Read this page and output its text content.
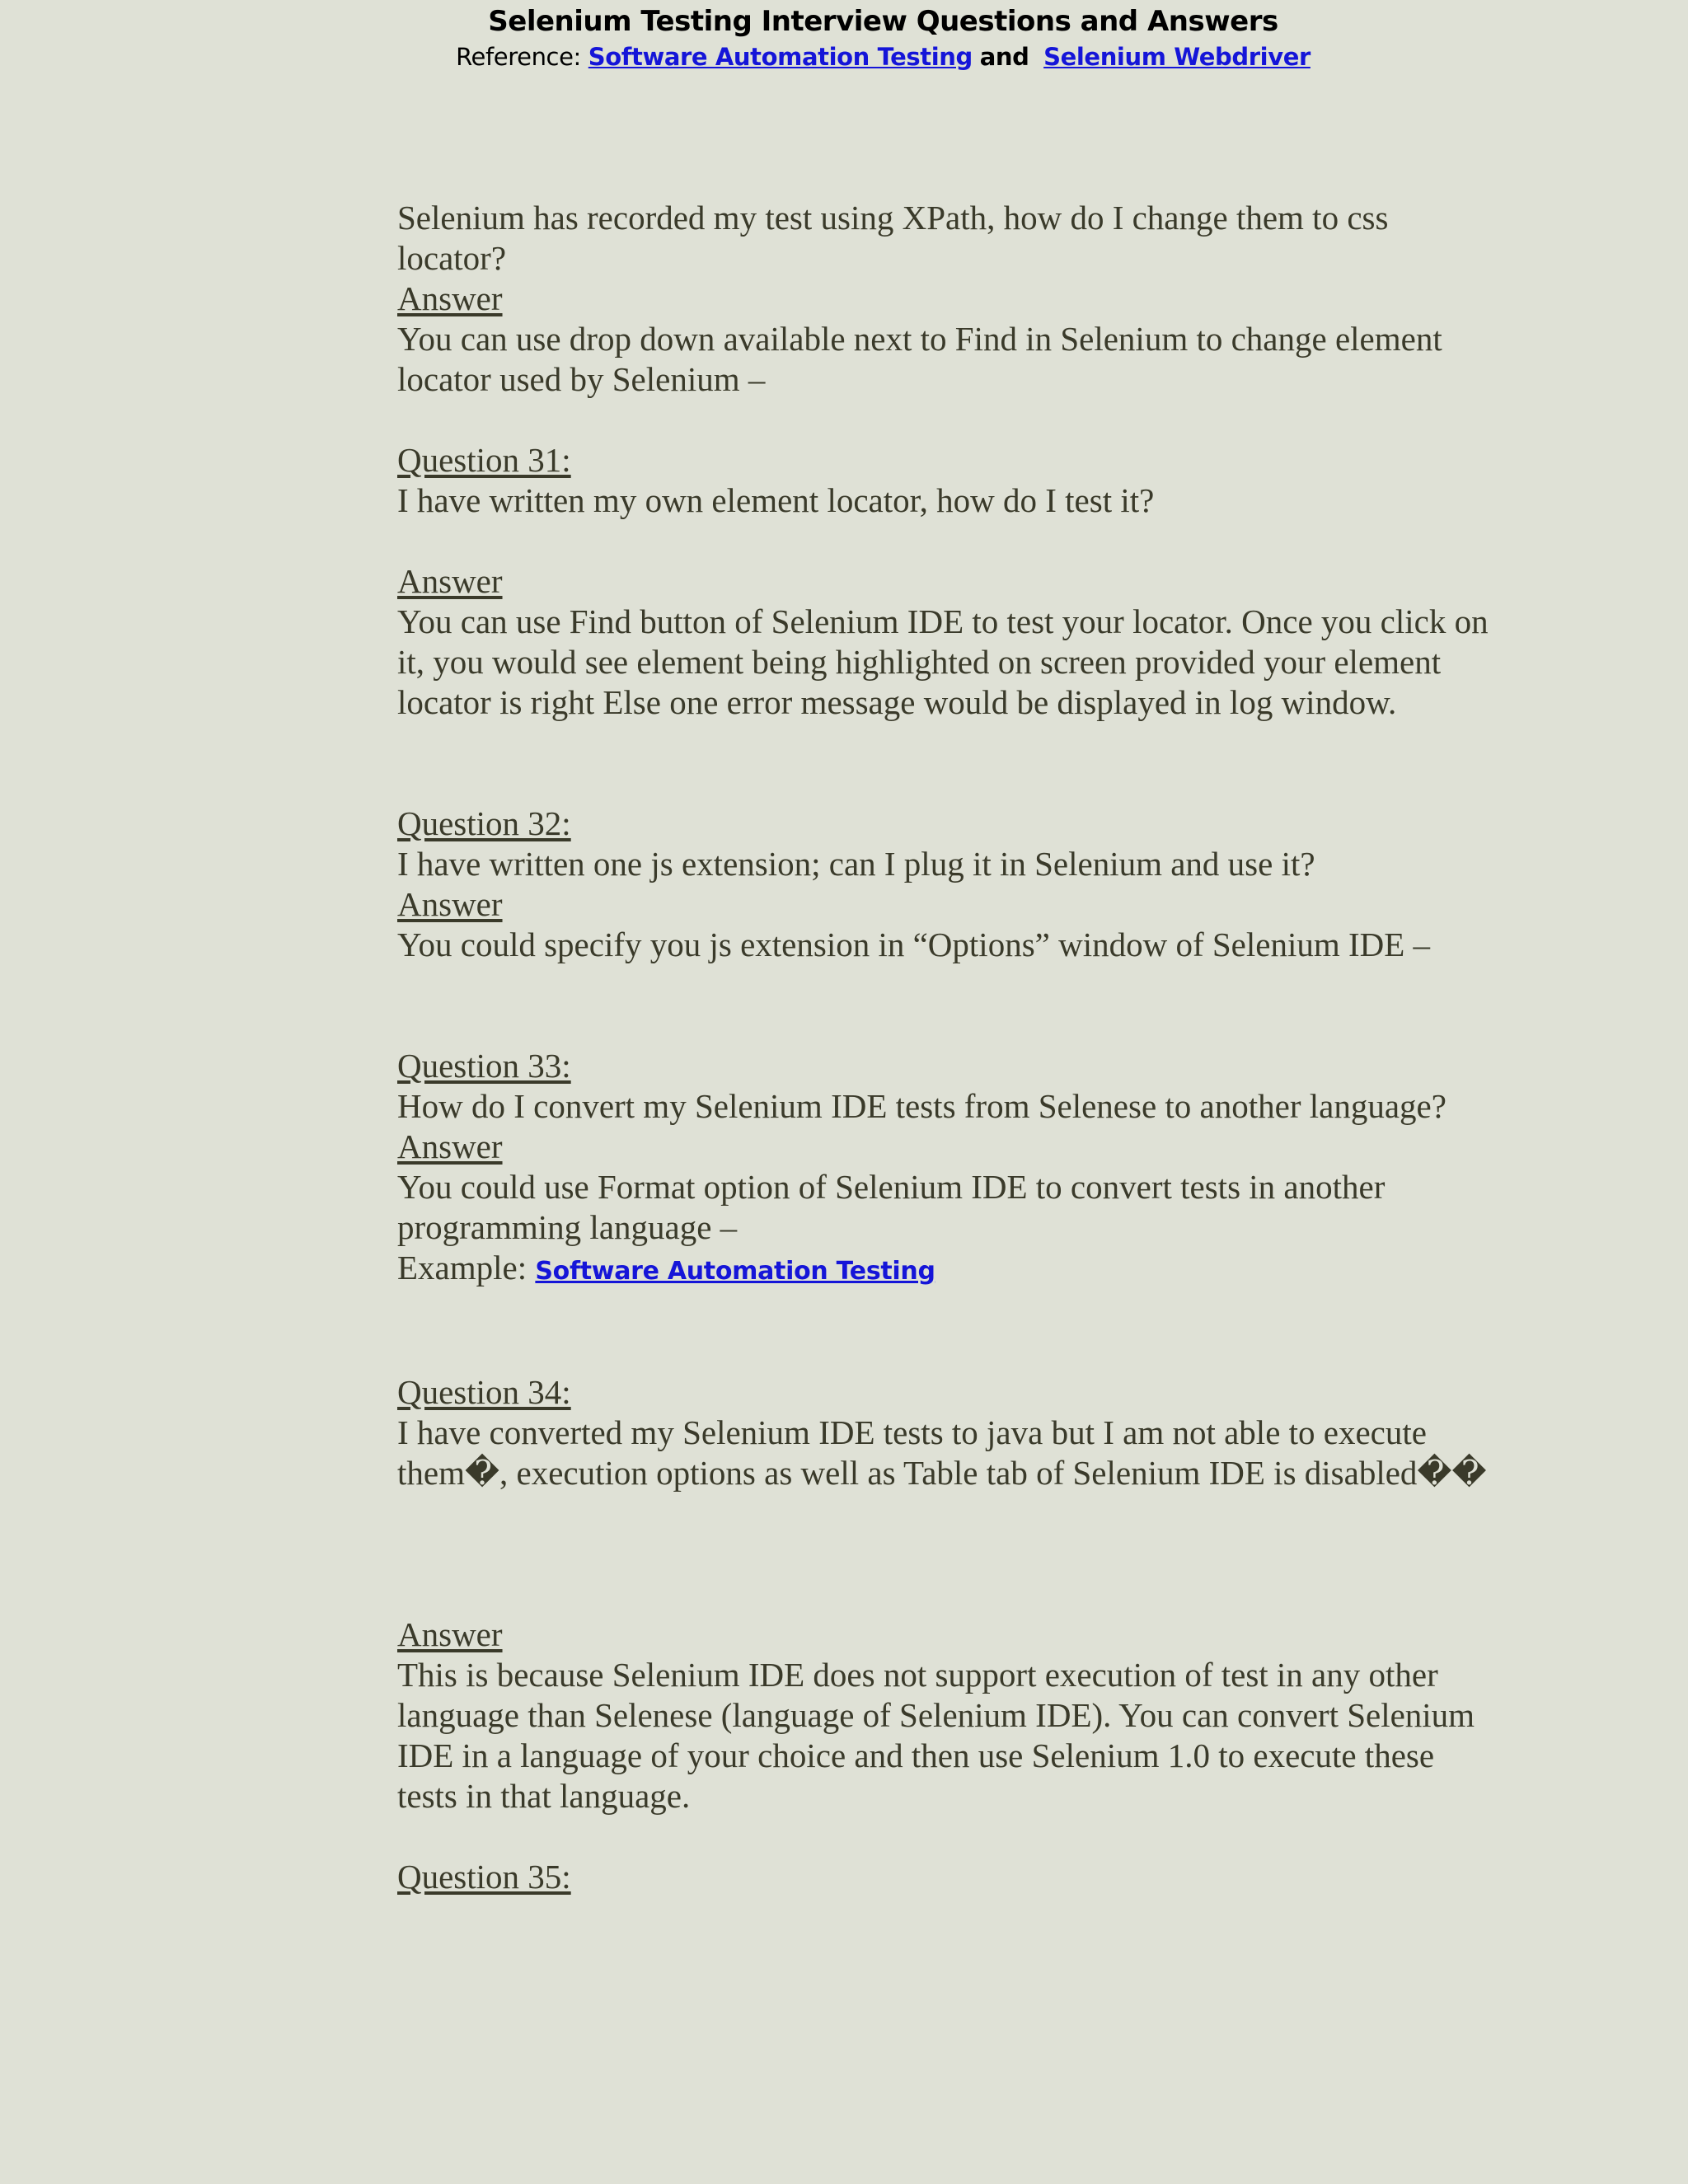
Selenium Testing Interview Questions and Answers
Reference: Software Automation Testing and Selenium Webdriver

Selenium has recorded my test using XPath, how do I change them to css locator?

Answer

You can use drop down available next to Find in Selenium to change element locator used by Selenium –

Question 31:

I have written my own element locator, how do I test it?

Answer

You can use Find button of Selenium IDE to test your locator. Once you click on it, you would see element being highlighted on screen provided your element locator is right Else one error message would be displayed in log window.

Question 32:

I have written one js extension; can I plug it in Selenium and use it?

Answer

You could specify you js extension in “Options” window of Selenium IDE –

Question 33:

How do I convert my Selenium IDE tests from Selenese to another language?

Answer

You could use Format option of Selenium IDE to convert tests in another programming language –

Example: Software Automation Testing

Question 34:

I have converted my Selenium IDE tests to java but I am not able to execute them�, execution options as well as Table tab of Selenium IDE is disabled��

Answer

This is because Selenium IDE does not support execution of test in any other language than Selenese (language of Selenium IDE). You can convert Selenium IDE in a language of your choice and then use Selenium 1.0 to execute these tests in that language.

Question 35:
